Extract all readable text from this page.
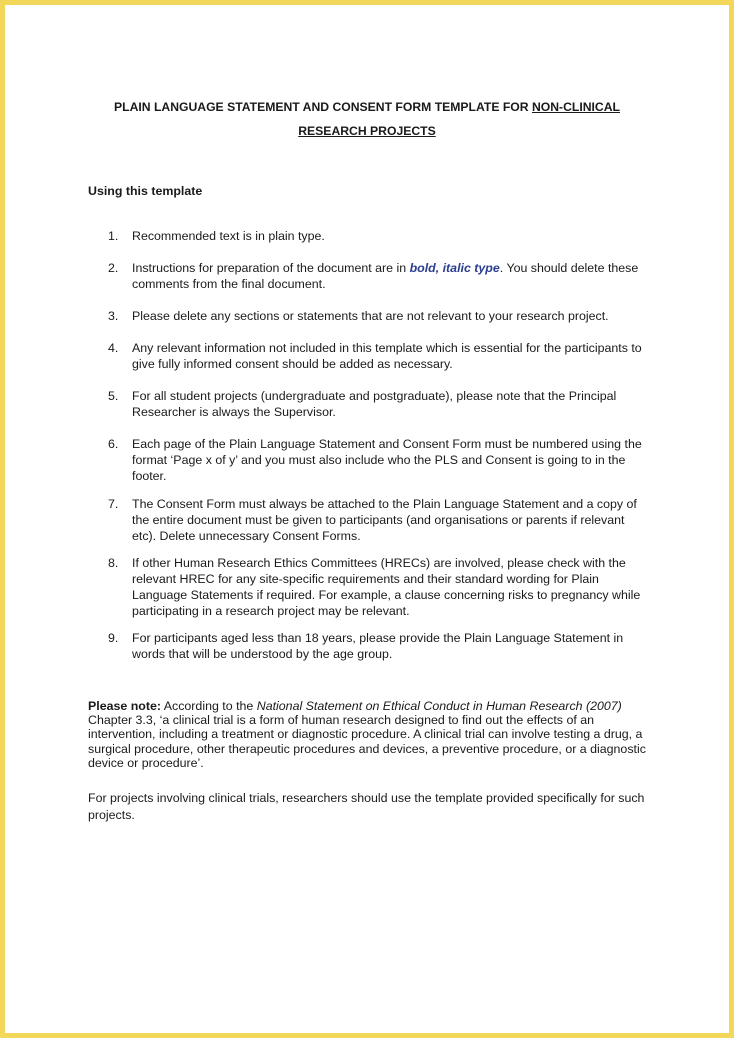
PLAIN LANGUAGE STATEMENT AND CONSENT FORM TEMPLATE FOR NON-CLINICAL
RESEARCH PROJECTS
Using this template
1.	Recommended text is in plain type.
2.	Instructions for preparation of the document are in bold, italic type. You should delete these comments from the final document.
3.	Please delete any sections or statements that are not relevant to your research project.
4.	Any relevant information not included in this template which is essential for the participants to give fully informed consent should be added as necessary.
5.	For all student projects (undergraduate and postgraduate), please note that the Principal Researcher is always the Supervisor.
6.	Each page of the Plain Language Statement and Consent Form must be numbered using the format ‘Page x of y’ and you must also include who the PLS and Consent is going to in the footer.
7.	The Consent Form must always be attached to the Plain Language Statement and a copy of the entire document must be given to participants (and organisations or parents if relevant etc). Delete unnecessary Consent Forms.
8.	If other Human Research Ethics Committees (HRECs) are involved, please check with the relevant HREC for any site-specific requirements and their standard wording for Plain Language Statements if required. For example, a clause concerning risks to pregnancy while participating in a research project may be relevant.
9.	For participants aged less than 18 years, please provide the Plain Language Statement in words that will be understood by the age group.
Please note: According to the National Statement on Ethical Conduct in Human Research (2007) Chapter 3.3, ‘a clinical trial is a form of human research designed to find out the effects of an intervention, including a treatment or diagnostic procedure. A clinical trial can involve testing a drug, a surgical procedure, other therapeutic procedures and devices, a preventive procedure, or a diagnostic device or procedure’.
For projects involving clinical trials, researchers should use the template provided specifically for such projects.
